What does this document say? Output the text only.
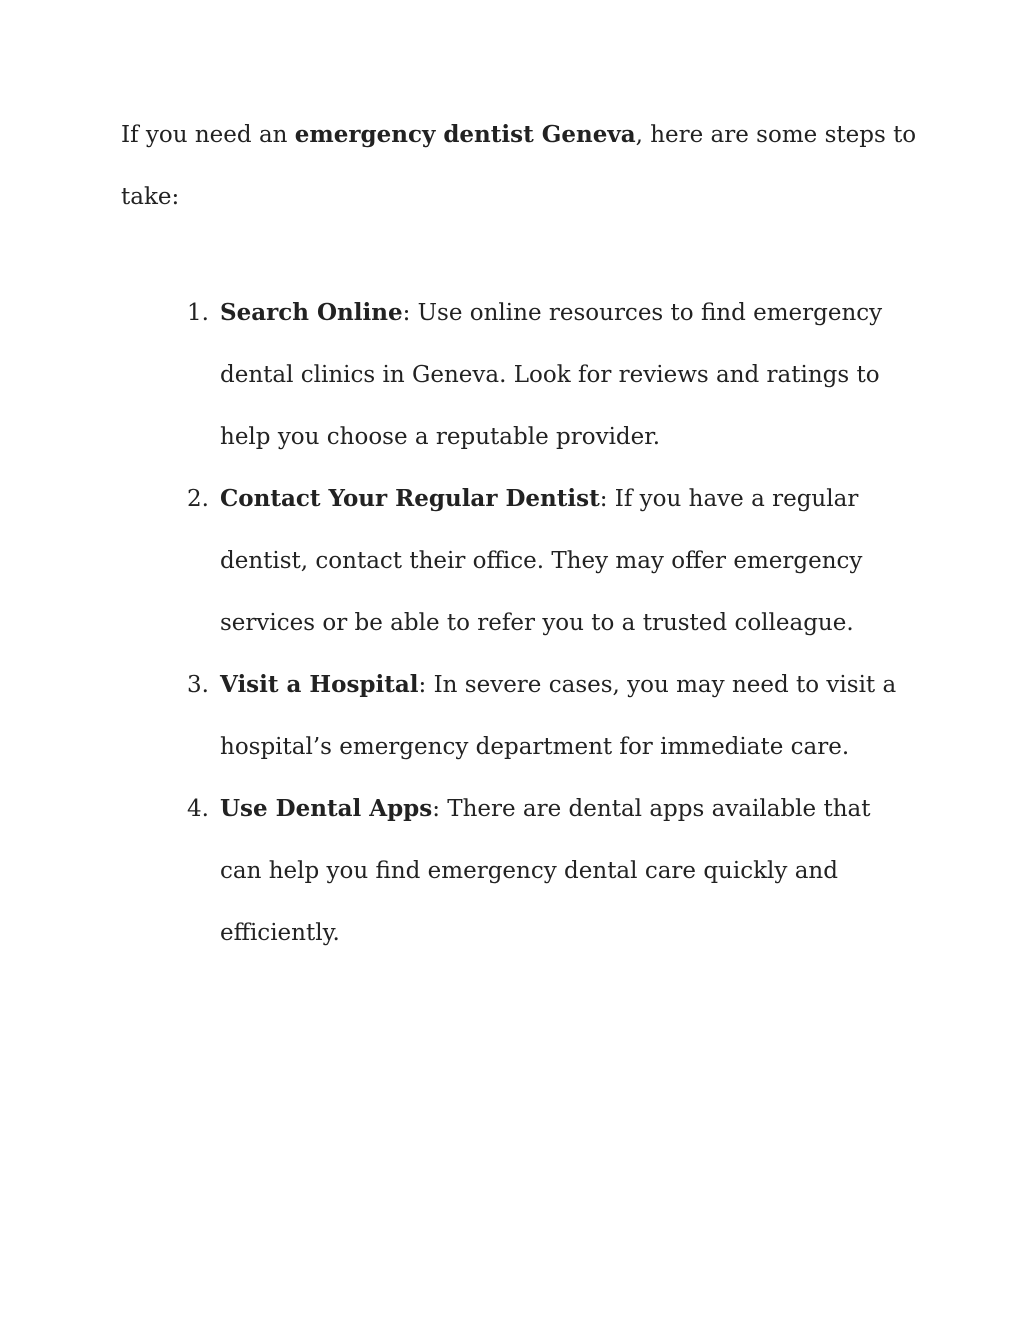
If you need an emergency dentist Geneva, here are some steps to take:

1. Search Online: Use online resources to find emergency dental clinics in Geneva. Look for reviews and ratings to help you choose a reputable provider.
2. Contact Your Regular Dentist: If you have a regular dentist, contact their office. They may offer emergency services or be able to refer you to a trusted colleague.
3. Visit a Hospital: In severe cases, you may need to visit a hospital’s emergency department for immediate care.
4. Use Dental Apps: There are dental apps available that can help you find emergency dental care quickly and efficiently.
